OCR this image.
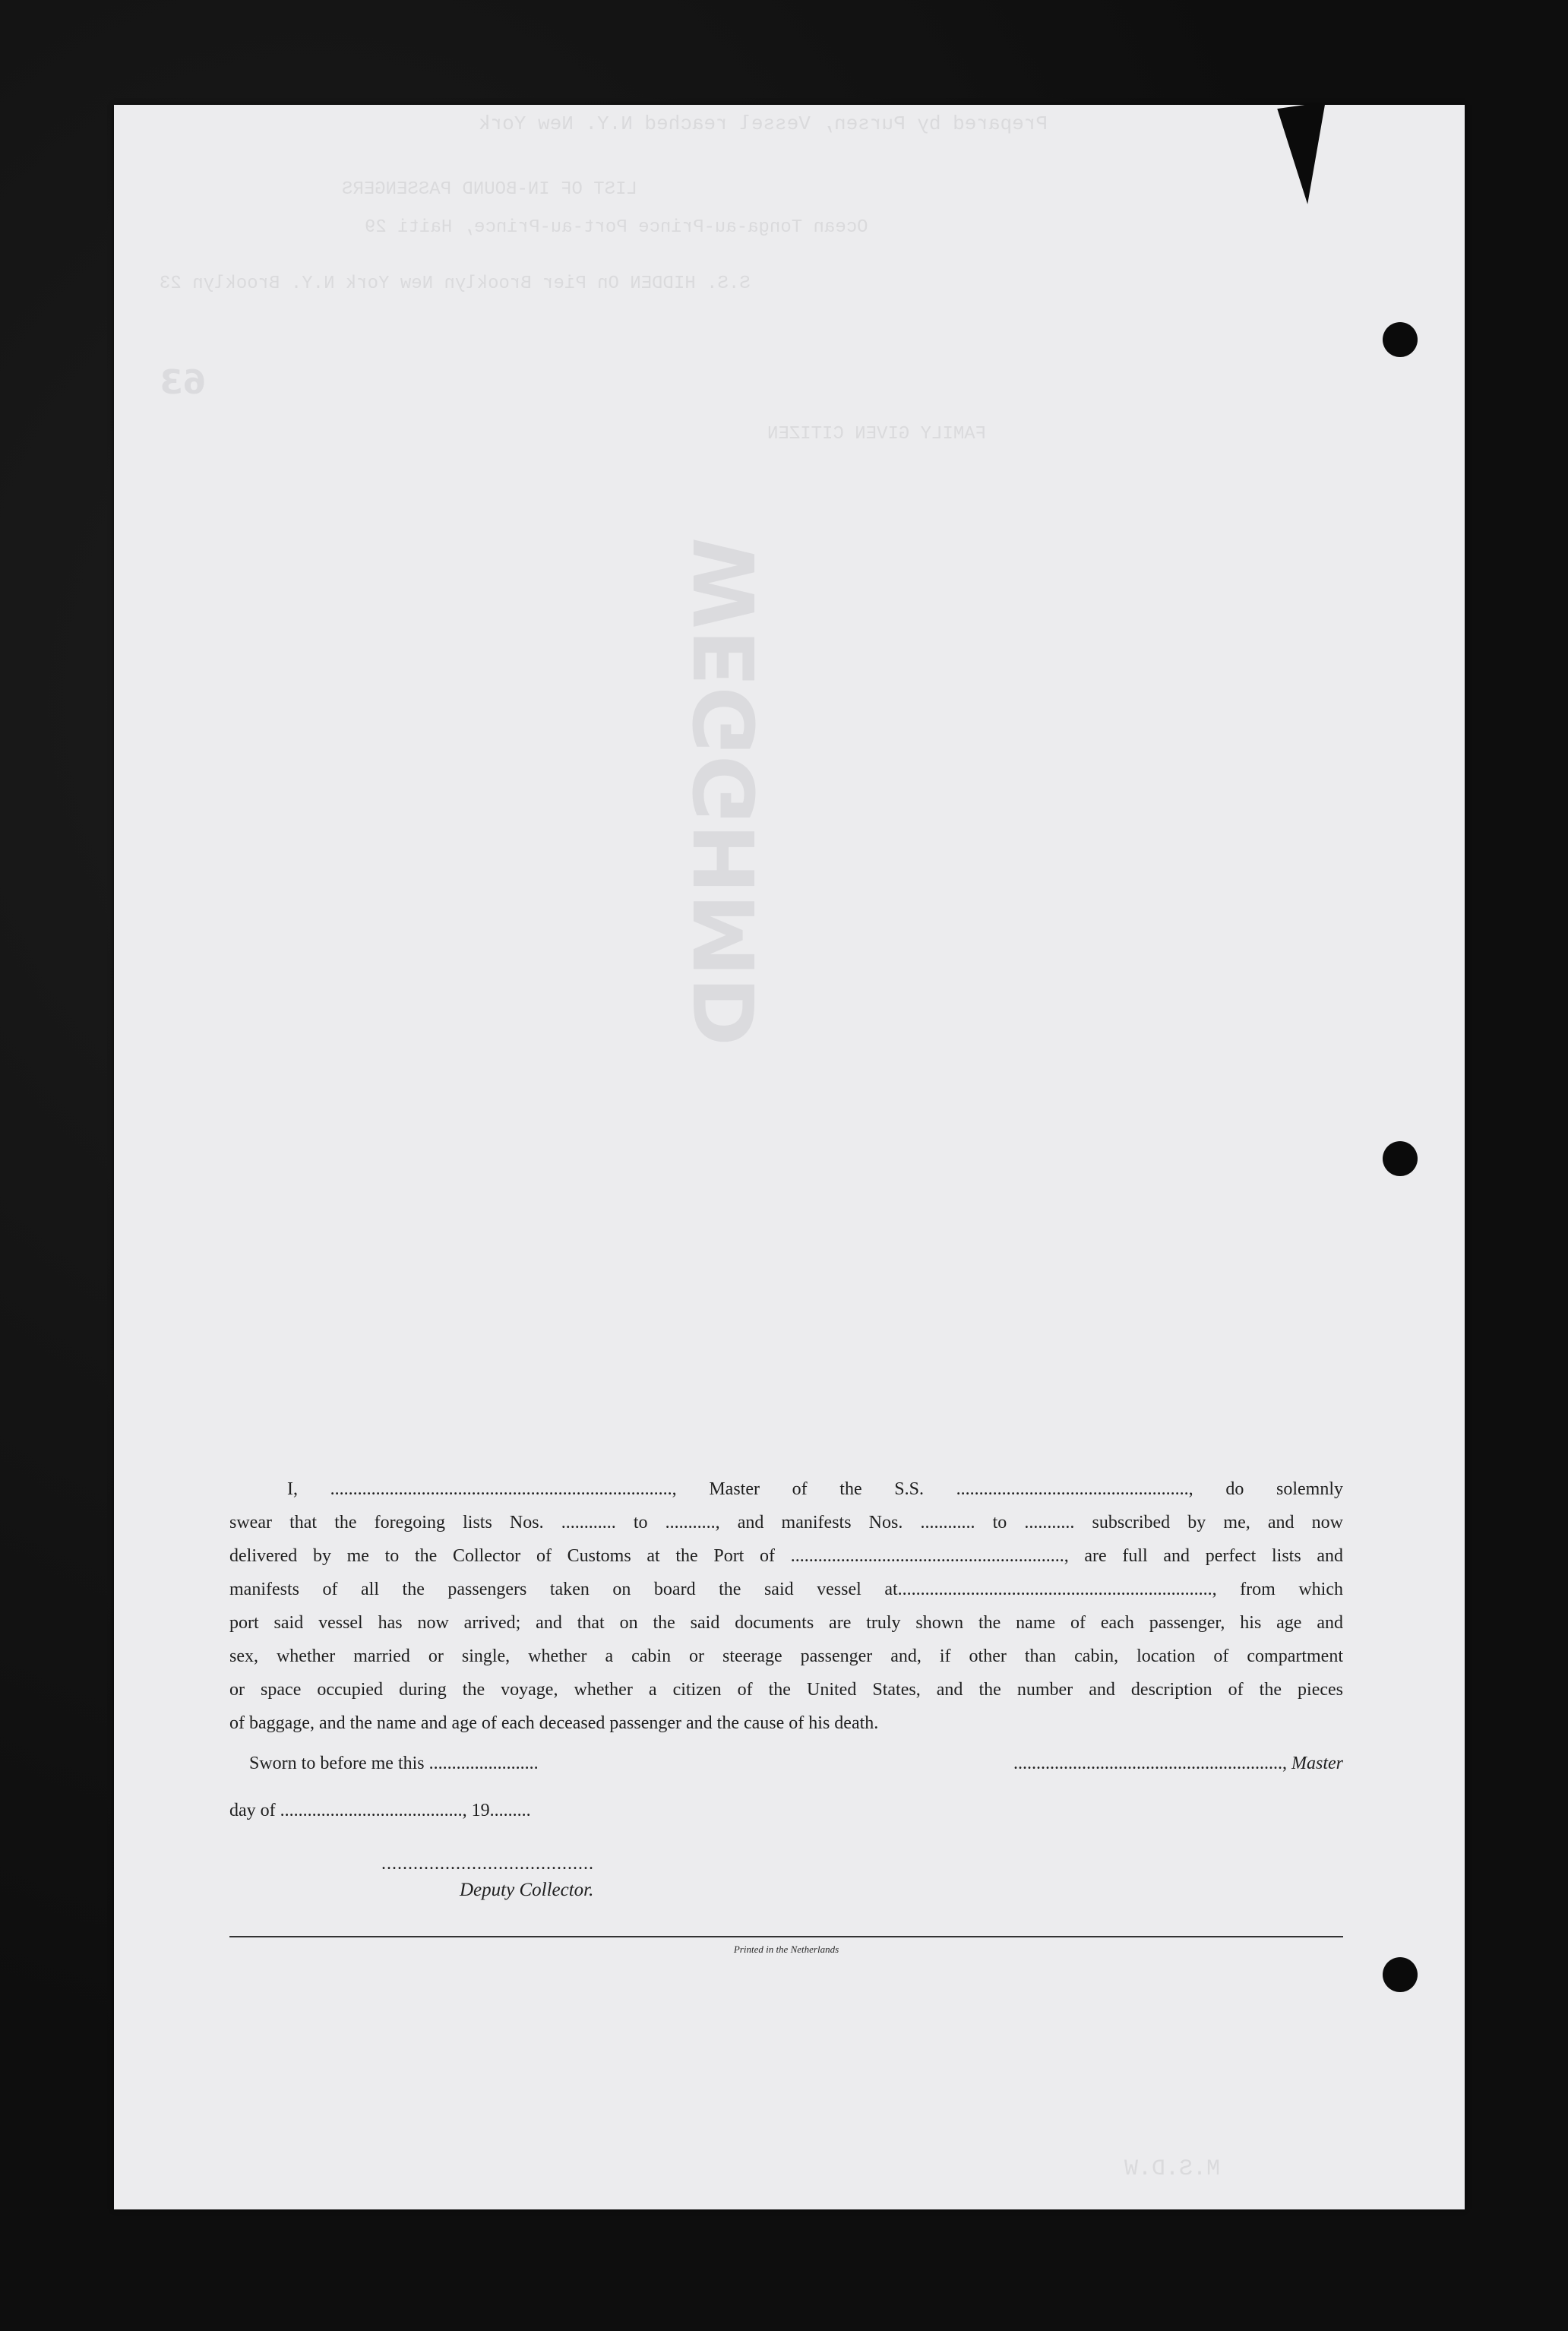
Prepared by Pursen, Vessel reached N.Y. New York
LIST OF IN-BOUND PASSENGERS
Ocean Tonga-au-Prince Port-au-Prince, Haiti 29
S.S. HIDDEN On Pier Brooklyn New York N.Y. Brooklyn 23
63
FAMILY GIVEN CITIZEN
WEGGHMD
M.S.D.W

I, ..........................................................................., Master of the S.S. ..................................................., do solemnly

swear that the foregoing lists Nos. ............ to ..........., and manifests Nos. ............ to ........... subscribed by me, and now

delivered by me to the Collector of Customs at the Port of ............................................................, are full and perfect lists and

manifests of all the passengers taken on board the said vessel at....................................................................., from which

port said vessel has now arrived; and that on the said documents are truly shown the name of each passenger, his age and

sex, whether married or single, whether a cabin or steerage passenger and, if other than cabin, location of compartment

or space occupied during the voyage, whether a citizen of the United States, and the number and description of the pieces

of baggage, and the name and age of each deceased passenger and the cause of his death.

Sworn to before me this ........................	..........................................................., Master
day of ........................................, 19.........
........................................
Deputy Collector.
Printed in the Netherlands
